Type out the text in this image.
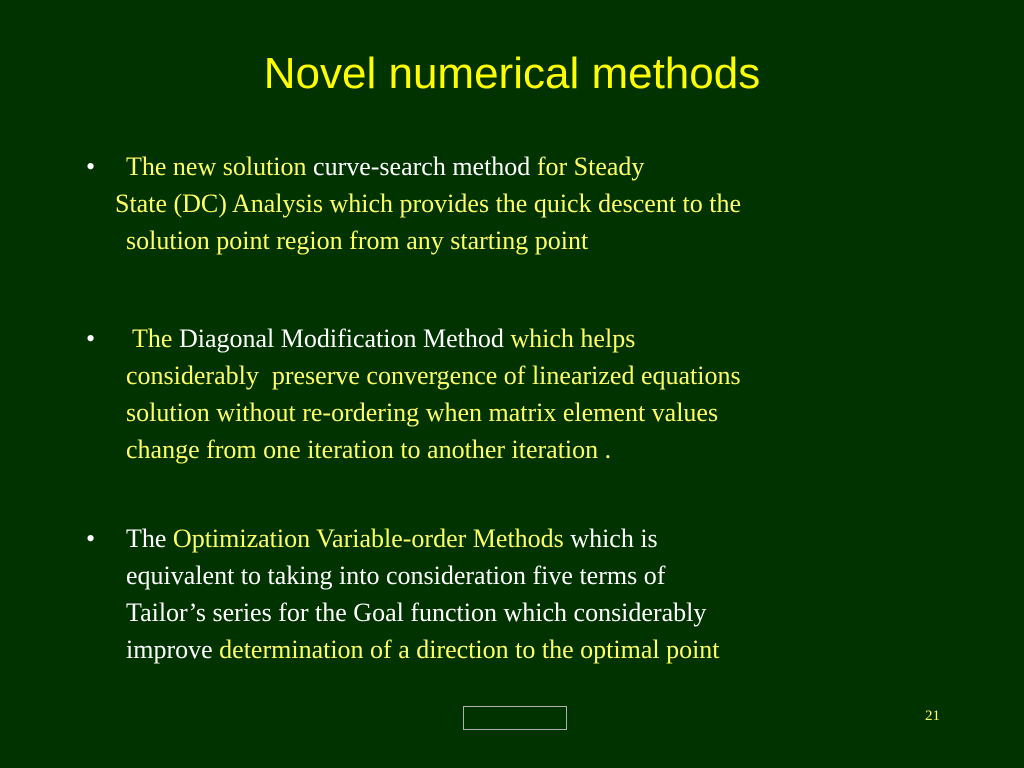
Novel numerical methods
• The new solution curve-search method for Steady
State (DC) Analysis which provides the quick descent to the
solution point region from any starting point
• The Diagonal Modification Method which helps
considerably  preserve convergence of linearized equations
solution without re-ordering when matrix element values
change from one iteration to another iteration .
• The Optimization Variable-order Methods which is
equivalent to taking into consideration five terms of
Tailor’s series for the Goal function which considerably
improve determination of a direction to the optimal point
21
